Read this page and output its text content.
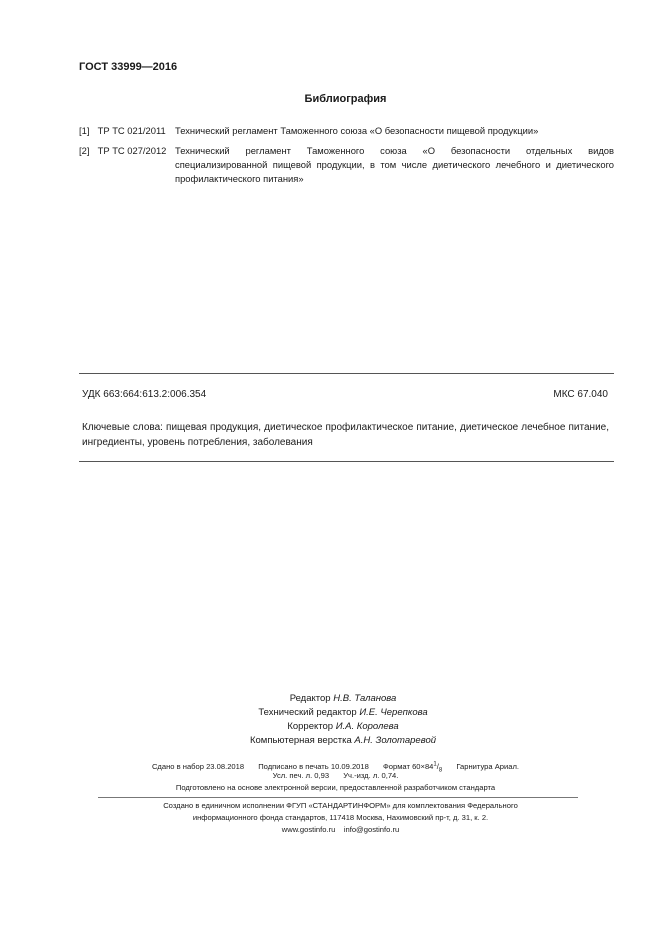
ГОСТ 33999—2016
Библиография
[1] ТР ТС 021/2011 Технический регламент Таможенного союза «О безопасности пищевой продукции»
[2] ТР ТС 027/2012 Технический регламент Таможенного союза «О безопасности отдельных видов специализированной пищевой продукции, в том числе диетического лечебного и диетического профилактического питания»
УДК 663:664:613.2:006.354	МКС 67.040
Ключевые слова: пищевая продукция, диетическое профилактическое питание, диетическое лечебное питание, ингредиенты, уровень потребления, заболевания
Редактор Н.В. Таланова
Технический редактор И.Е. Черепкова
Корректор И.А. Королева
Компьютерная верстка А.Н. Золотаревой
Сдано в набор 23.08.2018 Подписано в печать 10.09.2018 Формат $60\times 84^1/_8$ Гарнитура Ариал.
Усл. печ. л. 0,93 Уч.-изд. л. 0,74.
Подготовлено на основе электронной версии, предоставленной разработчиком стандарта
Создано в единичном исполнении ФГУП «СТАНДАРТИНФОРМ» для комплектования Федерального
информационного фонда стандартов, 117418 Москва, Нахимовский пр-т, д. 31, к. 2.
www.gostinfo.ru info@gostinfo.ru
